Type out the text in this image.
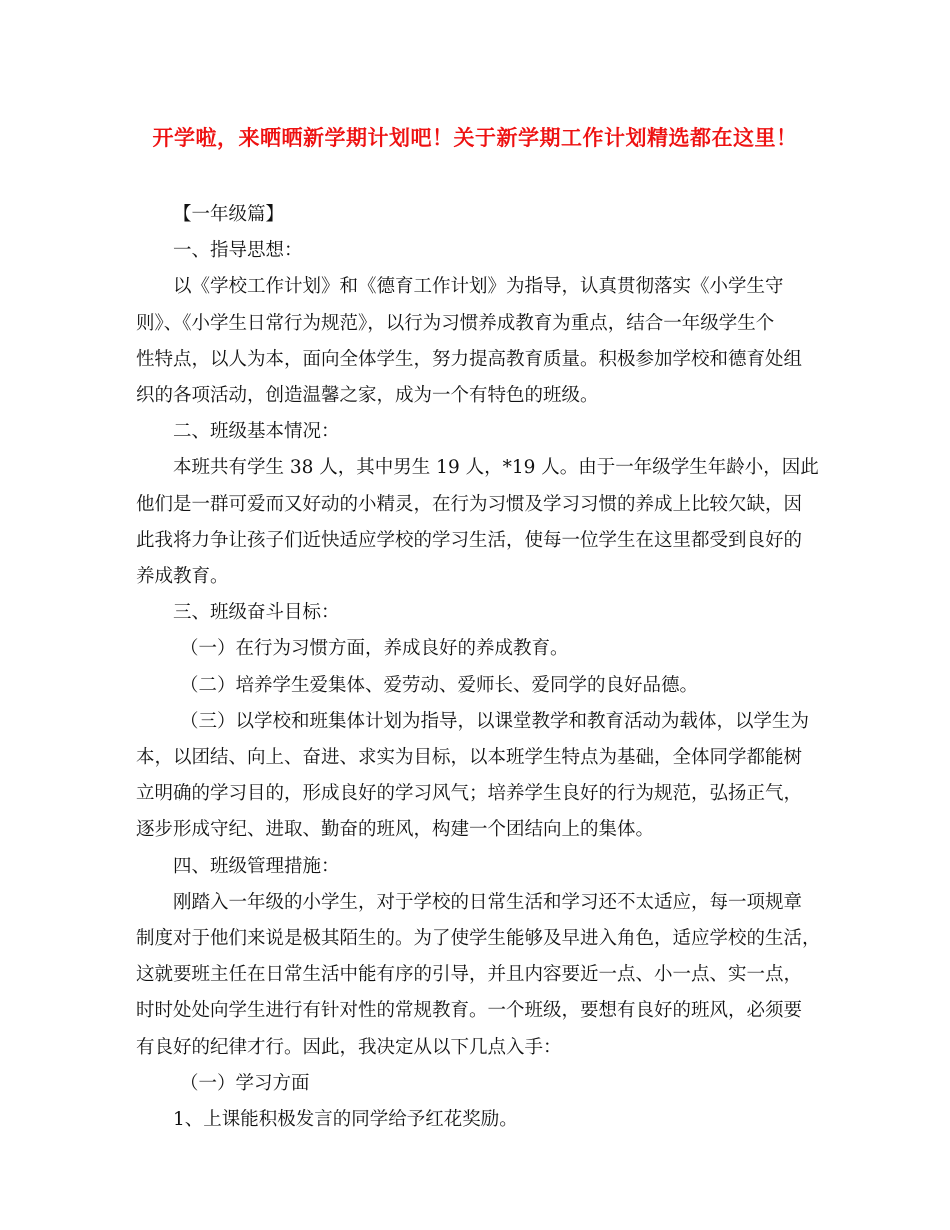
开学啦，来晒晒新学期计划吧！关于新学期工作计划精选都在这里！
【一年级篇】
一、指导思想：
以《学校工作计划》和《德育工作计划》为指导，认真贯彻落实《小学生守
则》、《小学生日常行为规范》，以行为习惯养成教育为重点，结合一年级学生个
性特点，以人为本，面向全体学生，努力提高教育质量。积极参加学校和德育处组
织的各项活动，创造温馨之家，成为一个有特色的班级。
二、班级基本情况：
本班共有学生 38 人，其中男生 19 人，*19 人。由于一年级学生年龄小，因此
他们是一群可爱而又好动的小精灵，在行为习惯及学习习惯的养成上比较欠缺，因
此我将力争让孩子们近快适应学校的学习生活，使每一位学生在这里都受到良好的
养成教育。
三、班级奋斗目标：
（一）在行为习惯方面，养成良好的养成教育。
（二）培养学生爱集体、爱劳动、爱师长、爱同学的良好品德。
（三）以学校和班集体计划为指导，以课堂教学和教育活动为载体，以学生为
本，以团结、向上、奋进、求实为目标，以本班学生特点为基础，全体同学都能树
立明确的学习目的，形成良好的学习风气；培养学生良好的行为规范，弘扬正气，
逐步形成守纪、进取、勤奋的班风，构建一个团结向上的集体。
四、班级管理措施：
刚踏入一年级的小学生，对于学校的日常生活和学习还不太适应，每一项规章
制度对于他们来说是极其陌生的。为了使学生能够及早进入角色，适应学校的生活，
这就要班主任在日常生活中能有序的引导，并且内容要近一点、小一点、实一点，
时时处处向学生进行有针对性的常规教育。一个班级，要想有良好的班风，必须要
有良好的纪律才行。因此，我决定从以下几点入手：
（一）学习方面
1、上课能积极发言的同学给予红花奖励。
